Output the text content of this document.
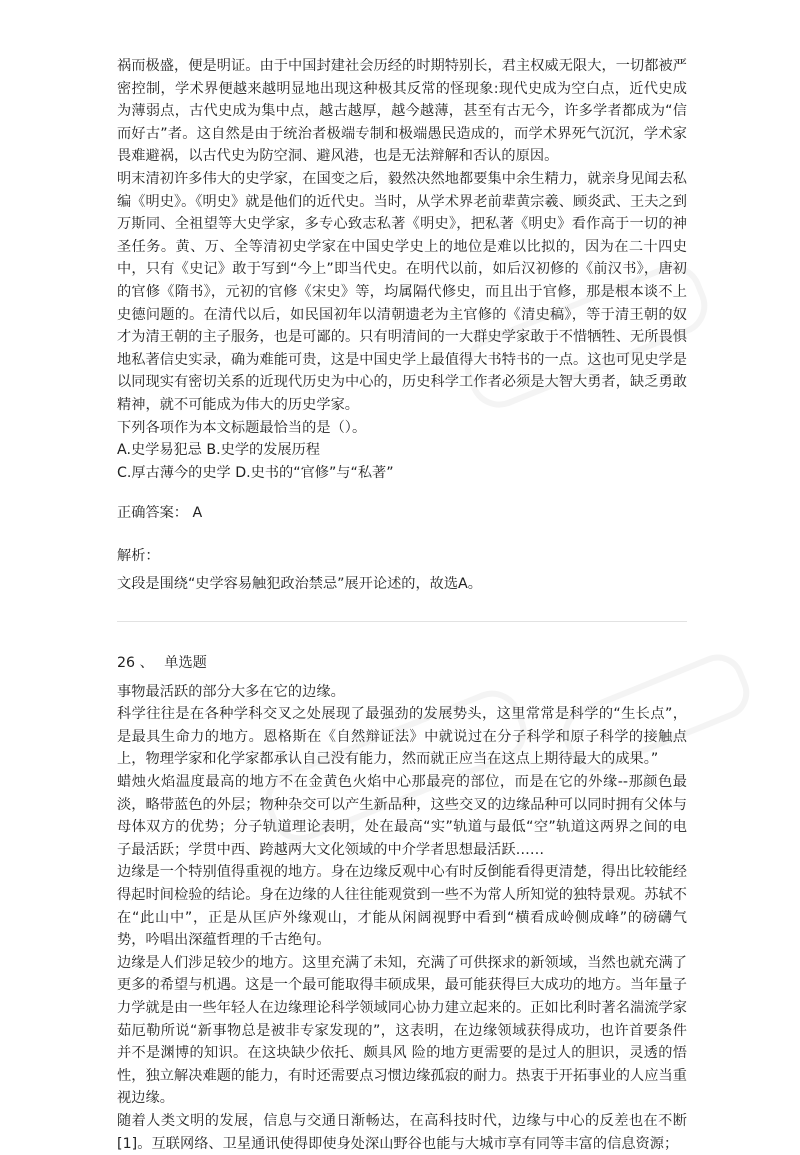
祸而极盛，便是明证。由于中国封建社会历经的时期特别长，君主权威无限大，一切都被严密控制，学术界便越来越明显地出现这种极其反常的怪现象:现代史成为空白点，近代史成为薄弱点，古代史成为集中点，越古越厚，越今越薄，甚至有古无今，许多学者都成为“信而好古”者。这自然是由于统治者极端专制和极端愚民造成的，而学术界死气沉沉，学术家畏难避祸，以古代史为防空洞、避风港，也是无法辩解和否认的原因。
明末清初许多伟大的史学家，在国变之后，毅然决然地都要集中余生精力，就亲身见闻去私编《明史》。《明史》就是他们的近代史。当时，从学术界老前辈黄宗羲、顾炎武、王夫之到万斯同、全祖望等大史学家，多专心致志私著《明史》，把私著《明史》看作高于一切的神圣任务。黄、万、全等清初史学家在中国史学史上的地位是难以比拟的，因为在二十四史中，只有《史记》敢于写到“今上”即当代史。在明代以前，如后汉初修的《前汉书》，唐初的官修《隋书》，元初的官修《宋史》等，均属隔代修史，而且出于官修，那是根本谈不上史德问题的。在清代以后，如民国初年以清朝遗老为主官修的《清史稿》，等于清王朝的奴才为清王朝的主子服务，也是可鄙的。只有明清间的一大群史学家敢于不惜牺牲、无所畏惧地私著信史实录，确为难能可贵，这是中国史学上最值得大书特书的一点。这也可见史学是以同现实有密切关系的近现代历史为中心的，历史科学工作者必须是大智大勇者，缺乏勇敢精神，就不可能成为伟大的历史学家。
下列各项作为本文标题最恰当的是（）。

A.史学易犯忌 B.史学的发展历程

C.厚古薄今的史学 D.史书的“官修”与“私著”

正确答案： A
解析：
文段是围绕“史学容易触犯政治禁忌”展开论述的，故选A。
26 、 单选题

事物最活跃的部分大多在它的边缘。
科学往往是在各种学科交叉之处展现了最强劲的发展势头，这里常常是科学的“生长点”，是最具生命力的地方。恩格斯在《自然辩证法》中就说过在分子科学和原子科学的接触点上，物理学家和化学家都承认自己没有能力，然而就正应当在这点上期待最大的成果。”
蜡烛火焰温度最高的地方不在金黄色火焰中心那最亮的部位，而是在它的外缘--那颜色最淡，略带蓝色的外层；物种杂交可以产生新品种，这些交叉的边缘品种可以同时拥有父体与母体双方的优势；分子轨道理论表明，处在最高“实”轨道与最低“空”轨道这两界之间的电子最活跃；学贯中西、跨越两大文化领域的中介学者思想最活跃……
边缘是一个特别值得重视的地方。身在边缘反观中心有时反倒能看得更清楚，得出比较能经得起时间检验的结论。身在边缘的人往往能观赏到一些不为常人所知觉的独特景观。苏轼不在“此山中”，正是从匡庐外缘观山，才能从闲阔视野中看到“横看成岭侧成峰”的磅礴气势，吟唱出深蕴哲理的千古绝句。
边缘是人们涉足较少的地方。这里充满了未知，充满了可供探求的新领域，当然也就充满了更多的希望与机遇。这是一个最可能取得丰硕成果，最可能获得巨大成功的地方。当年量子力学就是由一些年轻人在边缘理论科学领域同心协力建立起来的。正如比利时著名湍流学家茹厄勒所说“新事物总是被非专家发现的”，这表明，在边缘领域获得成功，也许首要条件并不是渊博的知识。在这块缺少依托、颇具风 险的地方更需要的是过人的胆识，灵透的悟性，独立解决难题的能力，有时还需要点习惯边缘孤寂的耐力。热衷于开拓事业的人应当重视边缘。
随着人类文明的发展，信息与交通日渐畅达，在高科技时代，边缘与中心的反差也在不断[1]。互联网络、卫星通讯使得即使身处深山野谷也能与大城市享有同等丰富的信息资源；
